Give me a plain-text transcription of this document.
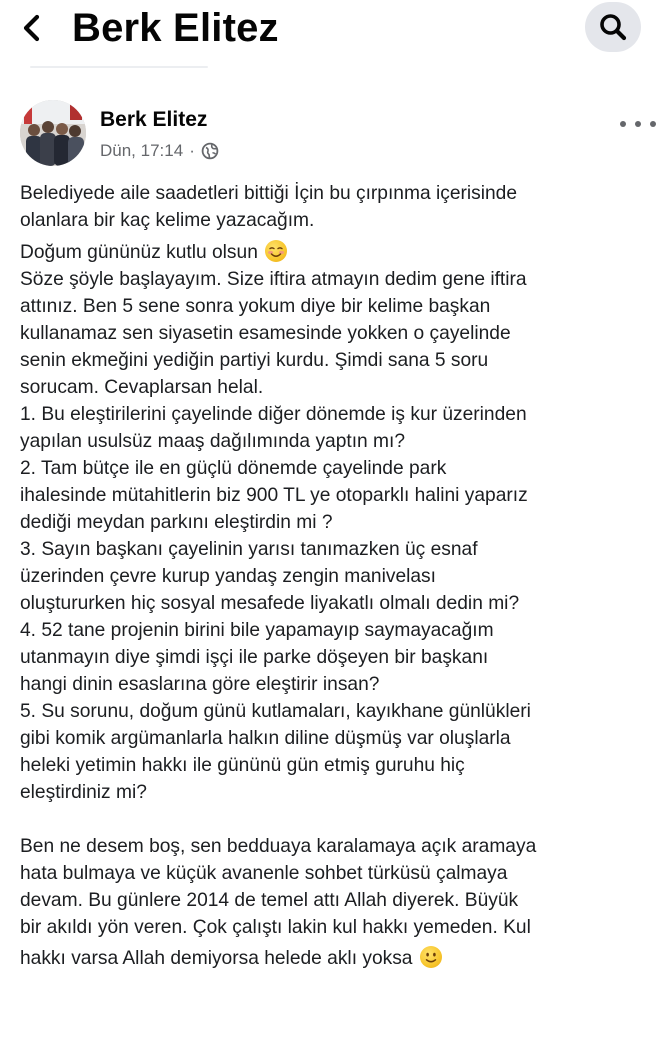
Berk Elitez
Berk Elitez
Dün, 17:14 ·

Belediyede aile saadetleri bittiği İçin bu çırpınma içerisinde

olanlara bir kaç kelime yazacağım.

Doğum gününüz kutlu olsun

Söze şöyle başlayayım. Size iftira atmayın dedim gene iftira

attınız. Ben 5 sene sonra yokum diye bir kelime başkan

kullanamaz sen siyasetin esamesinde yokken o çayelinde

senin ekmeğini yediğin partiyi kurdu. Şimdi sana 5 soru

sorucam. Cevaplarsan helal.

1. Bu eleştirilerini çayelinde diğer dönemde iş kur üzerinden

yapılan usulsüz maaş dağılımında yaptın mı?

2. Tam bütçe ile en güçlü dönemde çayelinde park

ihalesinde mütahitlerin biz 900 TL ye otoparklı halini yaparız

dediği meydan parkını eleştirdin mi ?

3. Sayın başkanı çayelinin yarısı tanımazken üç esnaf

üzerinden çevre kurup yandaş zengin manivelası

oluştururken hiç sosyal mesafede liyakatlı olmalı dedin mi?

4. 52 tane projenin birini bile yapamayıp saymayacağım

utanmayın diye şimdi işçi ile parke döşeyen bir başkanı

hangi dinin esaslarına göre eleştirir insan?

5. Su sorunu, doğum günü kutlamaları, kayıkhane günlükleri

gibi komik argümanlarla halkın diline düşmüş var oluşlarla

heleki yetimin hakkı ile gününü gün etmiş guruhu hiç

eleştirdiniz mi?

Ben ne desem boş, sen bedduaya karalamaya açık aramaya

hata bulmaya ve küçük avanenle sohbet türküsü çalmaya

devam. Bu günlere 2014 de temel attı Allah diyerek. Büyük

bir akıldı yön veren. Çok çalıştı lakin kul hakkı yemeden. Kul

hakkı varsa Allah demiyorsa helede aklı yoksa
